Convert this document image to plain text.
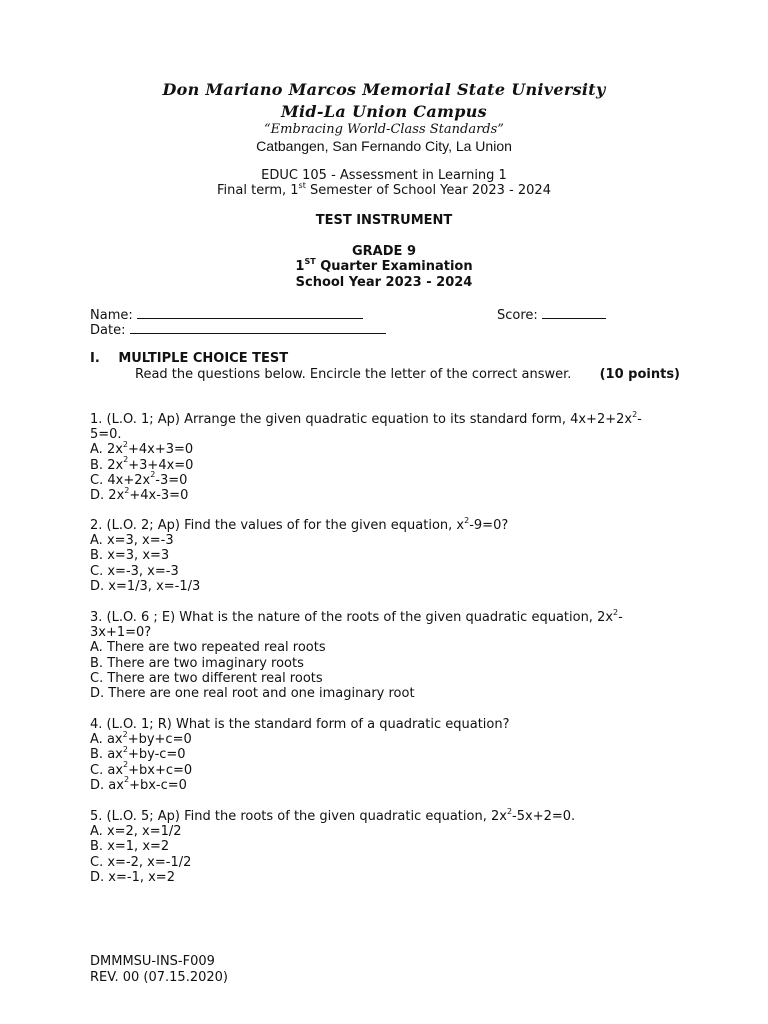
Don Mariano Marcos Memorial State University
Mid-La Union Campus
“Embracing World-Class Standards”
Catbangen, San Fernando City, La Union
EDUC 105 - Assessment in Learning 1
Final term, 1st Semester of School Year 2023 - 2024
TEST INSTRUMENT
GRADE 9
1ST Quarter Examination
School Year 2023 - 2024
Name:	Score:
Date:
I. MULTIPLE CHOICE TEST
Read the questions below. Encircle the letter of the correct answer. (10 points)
1. (L.O. 1; Ap) Arrange the given quadratic equation to its standard form, $4x+2+2x^2-$
5=0.
A. $2x^2+4x+3=0$
B. $2x^2+3+4x=0$
C. $4x+2x^2-3=0$
D. $2x^2+4x-3=0$
2. (L.O. 2; Ap) Find the values of for the given equation, $x^2-9=0$?
A. x=3, x=-3
B. x=3, x=3
C. x=-3, x=-3
D. x=1/3, x=-1/3
3. (L.O. 6 ; E) What is the nature of the roots of the given quadratic equation, $2x^2-$
3x+1=0?
A. There are two repeated real roots
B. There are two imaginary roots
C. There are two different real roots
D. There are one real root and one imaginary root
4. (L.O. 1; R) What is the standard form of a quadratic equation?
A. $ax^2+by+c=0$
B. $ax^2+by-c=0$
C. $ax^2+bx+c=0$
D. $ax^2+bx-c=0$
5. (L.O. 5; Ap) Find the roots of the given quadratic equation, $2x^2-5x+2=0$.
A. x=2, x=1/2
B. x=1, x=2
C. x=-2, x=-1/2
D. x=-1, x=2
DMMMSU-INS-F009
REV. 00 (07.15.2020)
